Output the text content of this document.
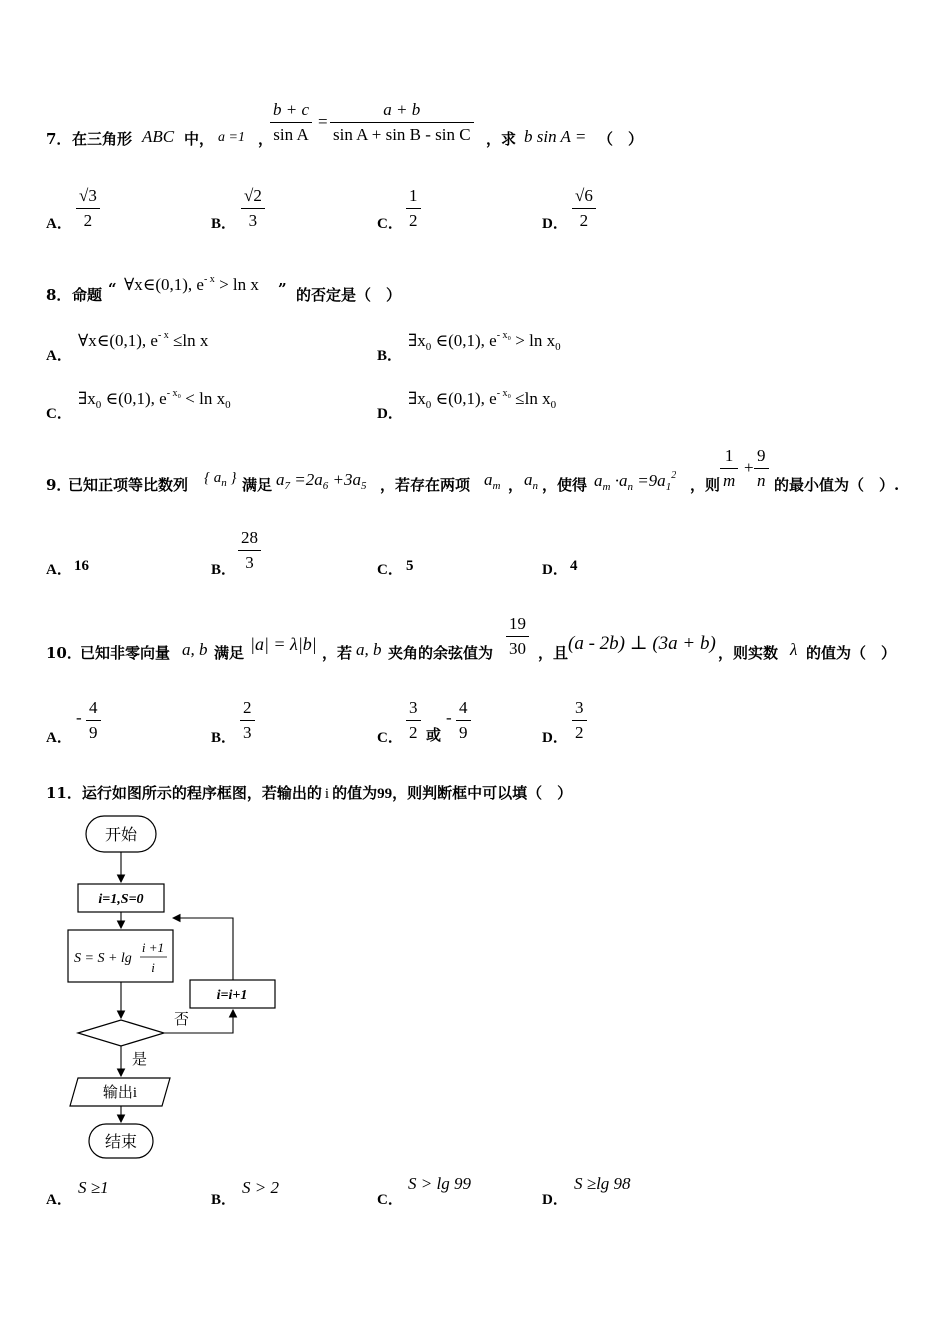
7． 在三角形 ABC 中， a =1 ，
$\frac{b + c}{\text{sin A}} = \frac{a + b}{\text{sin A + sin B - sin C}}$ ，求 b sin A = （　）
A． $\frac{√3}{2}$	B． $\frac{√2}{3}$	C． $\frac{1}{2}$	D． $\frac{√6}{2}$
8． 命题 “ ∀x∈(0,1), $e^{- x} > \ln x$ ” 的否定是（　）
A．
∀x∈(0,1), $e^{- x} \le\ln$ x
B．
$\exists x_0$ ∈(0,1), $e^{- x_0} > \ln x_0$
C．
$\exists x_0$ ∈(0,1), $e^{- x_0} < \ln x_0$
D．
$\exists x_0$ ∈(0,1), $e^{- x_0} \le\ln$ $x_0$
9．
已知正项等比数列 { $a_n$ } 满足 $a_7 =2a_6 +3a_5$ ，若存在两项 $a_m$ ， $a_n$ ，使得 $a_m \cdot a_n =9a_1^2$
，则 $\frac{1}{m} + \frac{9}{n}$ 的最小值为（　）.
A． 16	B． $\frac{28}{3}$	C． 5	D． 4
10．
已知非零向量 a, b 满足 |a| = λ|b| ，若 a, b 夹角的余弦值为 $\frac{19}{30}$ ，且 (a - 2b) ⊥ (3a + b) ，则实数 λ 的值为（　）
A．
- $\frac{4}{9}$	B． $\frac{2}{3}$	C． $\frac{3}{2}$ 或
- $\frac{4}{9}$	D． $\frac{3}{2}$
11．运行如图所示的程序框图，若输出的 i 的值为99，则判断框中可以填（　）
开始
i=1,S=0
S = S + lg
i +1
i
否
i=i+1
是
输出i
结束
A．
S ≥1
B．
S > 2
C．
S > lg 99
D．
S ≥lg 98
